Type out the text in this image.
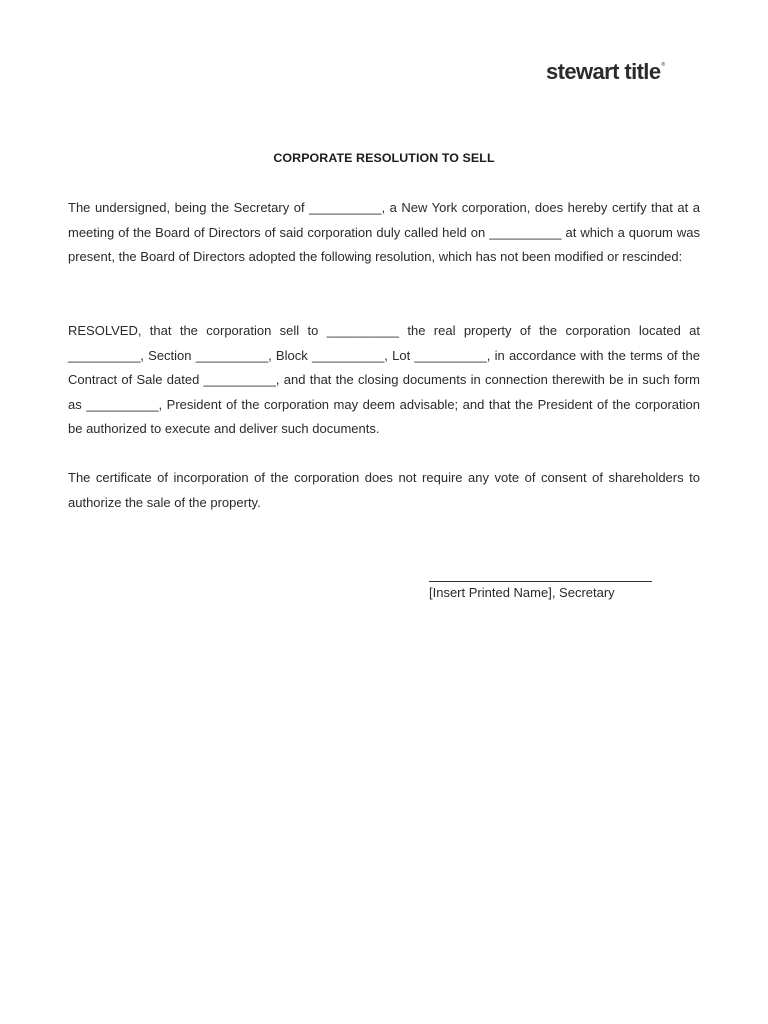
stewart title®
CORPORATE RESOLUTION TO SELL
The undersigned, being the Secretary of __________, a New York corporation, does hereby certify that at a meeting of the Board of Directors of said corporation duly called held on __________ at which a quorum was present, the Board of Directors adopted the following resolution, which has not been modified or rescinded:
RESOLVED, that the corporation sell to __________ the real property of the corporation located at __________, Section __________, Block __________, Lot __________, in accordance with the terms of the Contract of Sale dated __________, and that the closing documents in connection therewith be in such form as __________, President of the corporation may deem advisable; and that the President of the corporation be authorized to execute and deliver such documents.
The certificate of incorporation of the corporation does not require any vote of consent of shareholders to authorize the sale of the property.
[Insert Printed Name], Secretary
